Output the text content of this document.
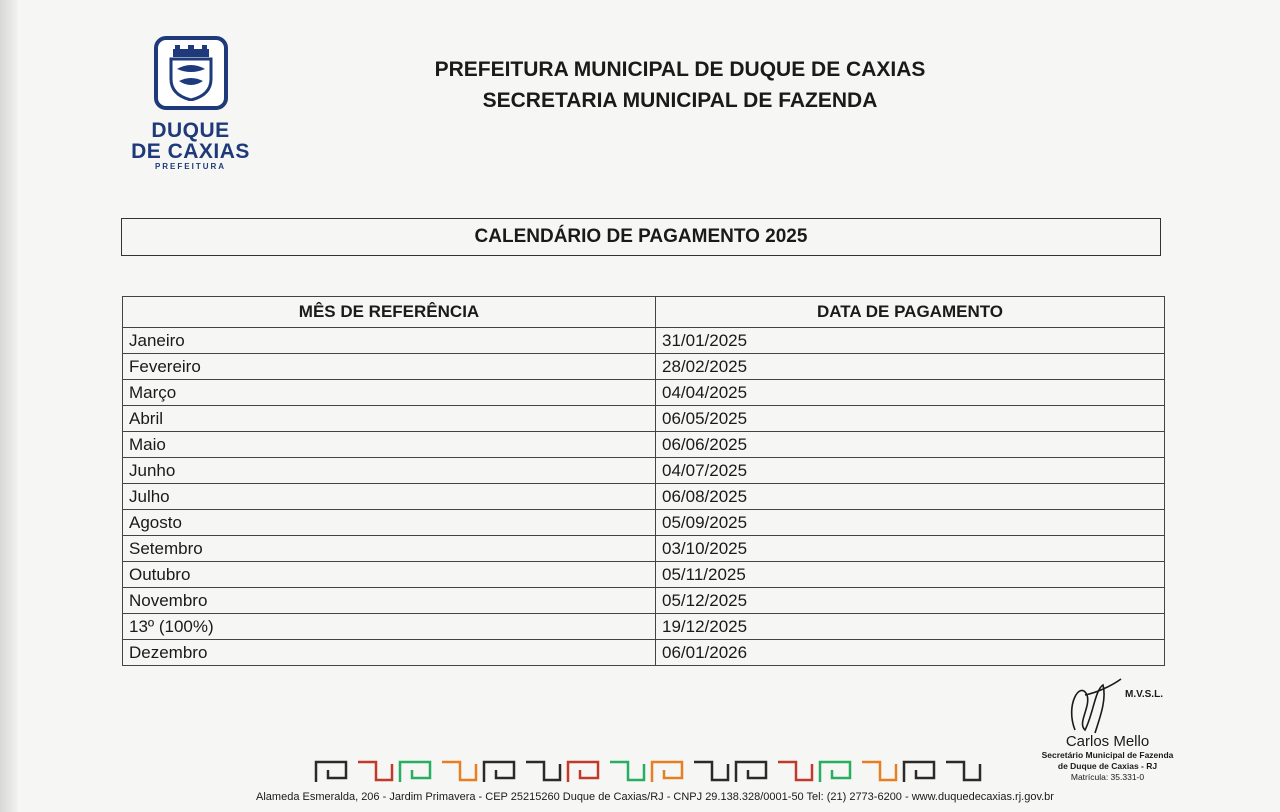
DUQUE
DE CAXIAS
PREFEITURA
PREFEITURA MUNICIPAL DE DUQUE DE CAXIAS
SECRETARIA MUNICIPAL DE FAZENDA
CALENDÁRIO DE PAGAMENTO 2025
MÊS DE REFERÊNCIA	DATA DE PAGAMENTO
Janeiro	31/01/2025
Fevereiro	28/02/2025
Março	04/04/2025
Abril	06/05/2025
Maio	06/06/2025
Junho	04/07/2025
Julho	06/08/2025
Agosto	05/09/2025
Setembro	03/10/2025
Outubro	05/11/2025
Novembro	05/12/2025
13º (100%)	19/12/2025
Dezembro	06/01/2026
M.V.S.L.
Carlos Mello
Secretário Municipal de Fazenda
de Duque de Caxias - RJ
Matrícula: 35.331-0
Alameda Esmeralda, 206 - Jardim Primavera - CEP 25215260 Duque de Caxias/RJ - CNPJ 29.138.328/0001-50 Tel: (21) 2773-6200 - www.duquedecaxias.rj.gov.br
